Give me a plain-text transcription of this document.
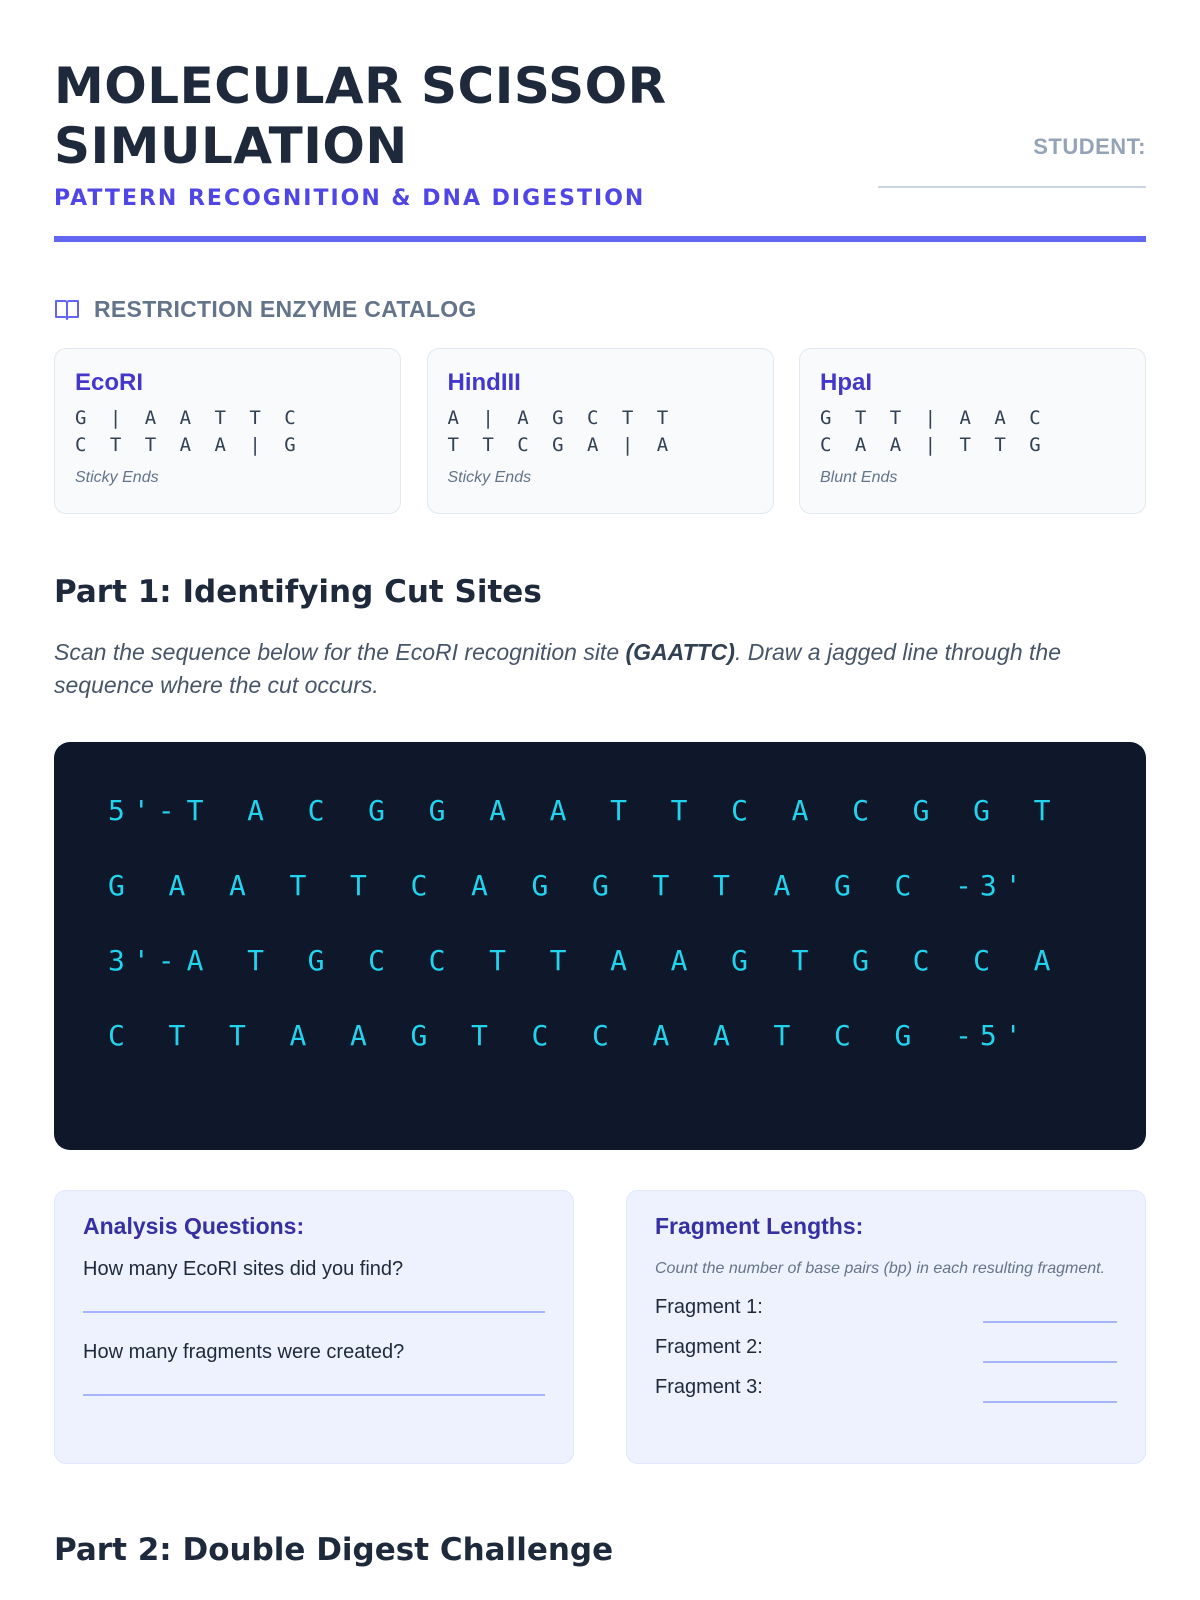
MOLECULAR SCISSOR SIMULATION
PATTERN RECOGNITION & DNA DIGESTION
STUDENT:
RESTRICTION ENZYME CATALOG
EcoRI
G | A A T T C
C T T A A | G
Sticky Ends
HindIII
A | A G C T T
T T C G A | A
Sticky Ends
HpaI
G T T | A A C
C A A | T T G
Blunt Ends
Part 1: Identifying Cut Sites

Scan the sequence below for the EcoRI recognition site (GAATTC). Draw a jagged line through the sequence where the cut occurs.

5'- T	A	C	G	G	A	A	T	T	C	A	C	G	G	T
G	A	A	T	T	C	A	G	G	T	T	A	G	C	-3'
3'- A	T	G	C	C	T	T	A	A	G	T	G	C	C	A
C	T	T	A	A	G	T	C	C	A	A	T	C	G	-5'
Analysis Questions:
How many EcoRI sites did you find?
How many fragments were created?
Fragment Lengths:
Count the number of base pairs (bp) in each resulting fragment.
Fragment 1:
Fragment 2:
Fragment 3:
Part 2: Double Digest Challenge
